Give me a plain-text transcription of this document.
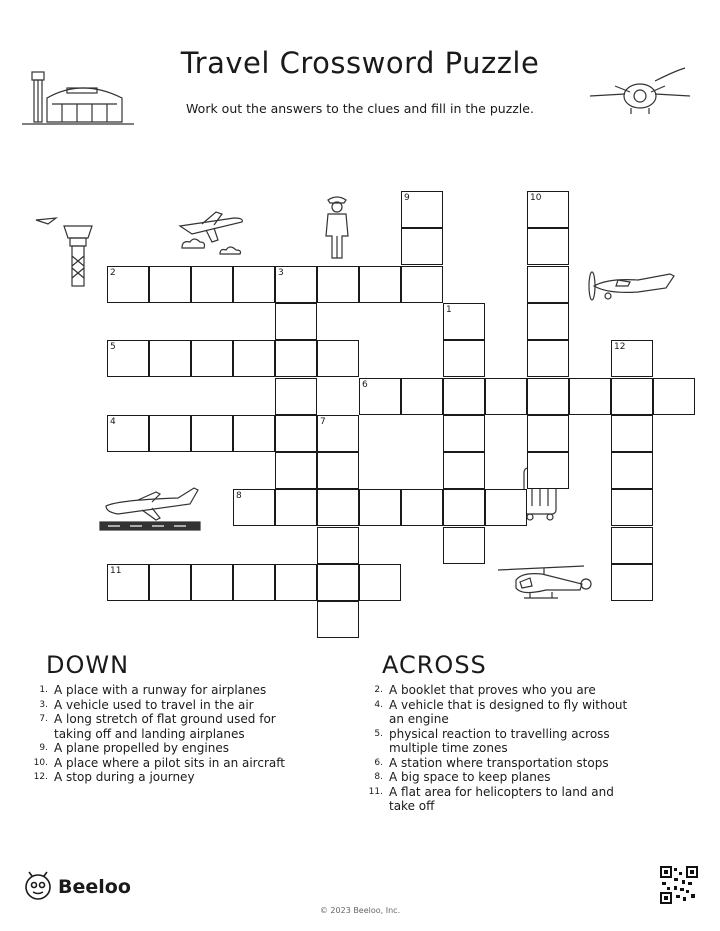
Travel Crossword Puzzle
Work out the answers to the clues and fill in the puzzle.
1
2	3
4
5
6
7
8
9	10
11
12
DOWN
1. A place with a runway for airplanes
3. A vehicle used to travel in the air
7. A long stretch of flat ground used for taking off and landing airplanes
9. A plane propelled by engines
10. A place where a pilot sits in an aircraft
12. A stop during a journey
ACROSS
2. A booklet that proves who you are
4. A vehicle that is designed to fly without an engine
5. physical reaction to travelling across multiple time zones
6. A station where transportation stops
8. A big space to keep planes
11. A flat area for helicopters to land and take off
Beeloo
© 2023 Beeloo, Inc.
